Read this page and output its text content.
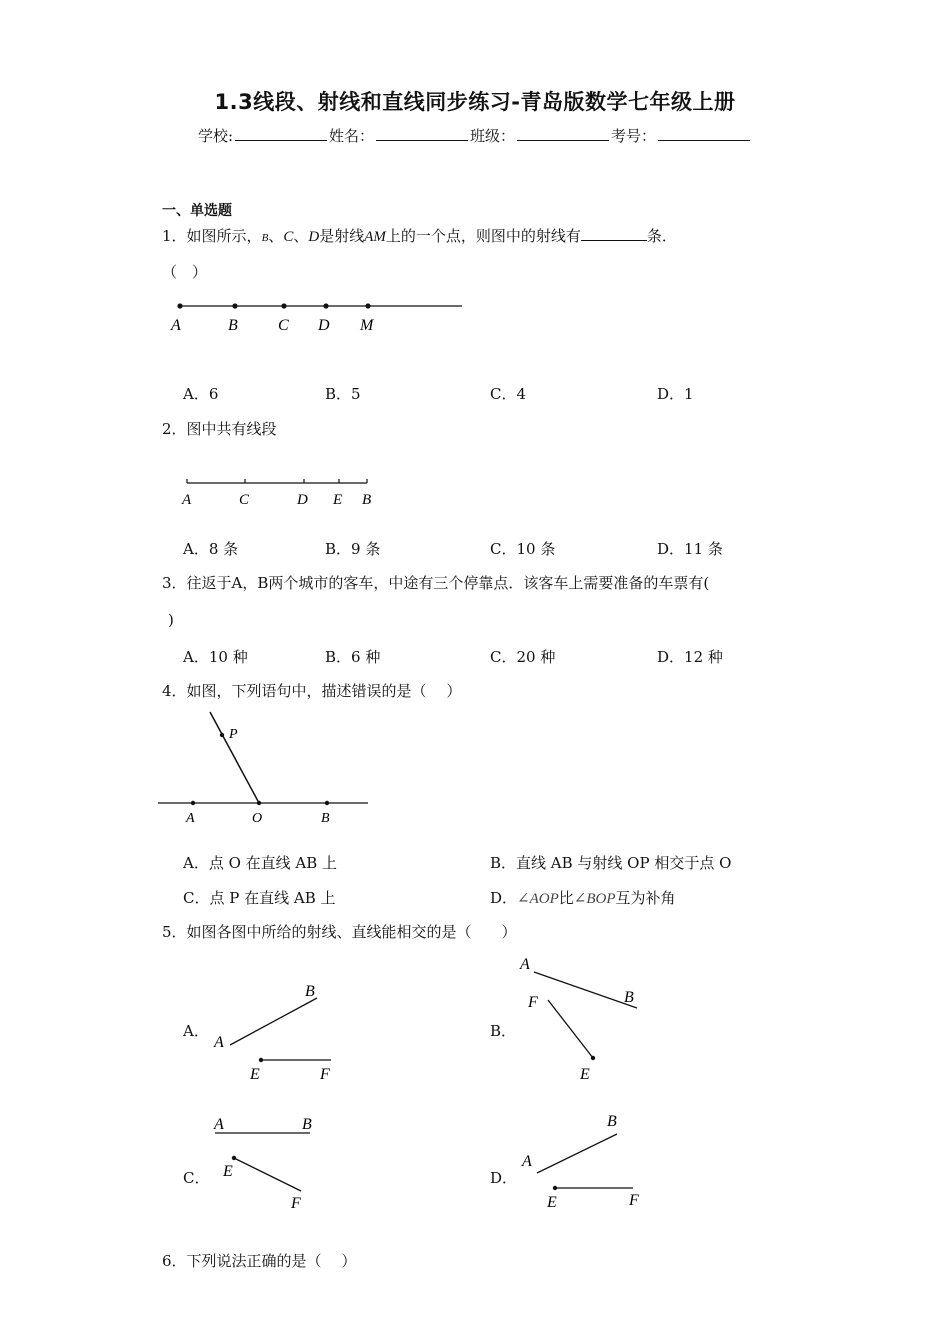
1.3线段、射线和直线同步练习-青岛版数学七年级上册
学校:	姓名：	班级：	考号：
一、单选题
1．如图所示，B、C、D是射线AM上的一个点，则图中的射线有	条．
（　）
A	B	C D M
A．6	B．5	C．4	D．1
2．图中共有线段
A	C	D E B
A．8 条	B．9 条	C．10 条	D．11 条
3．往返于A，B两个城市的客车，中途有三个停靠点．该客车上需要准备的车票有(
)
A．10 种	B．6 种	C．20 种	D．12 种
4．如图，下列语句中，描述错误的是（　 ）
P
A	O	B
A．点 O 在直线 AB 上	B．直线 AB 与射线 OP 相交于点 O
C．点 P 在直线 AB 上	D．∠AOP比∠BOP互为补角
5．如图各图中所给的射线、直线能相交的是（　　）
A．
B
A
E	F
B．
A
B
F
E
C．
A	B
E
F
D．
B
A
E	F
6．下列说法正确的是（　 ）
